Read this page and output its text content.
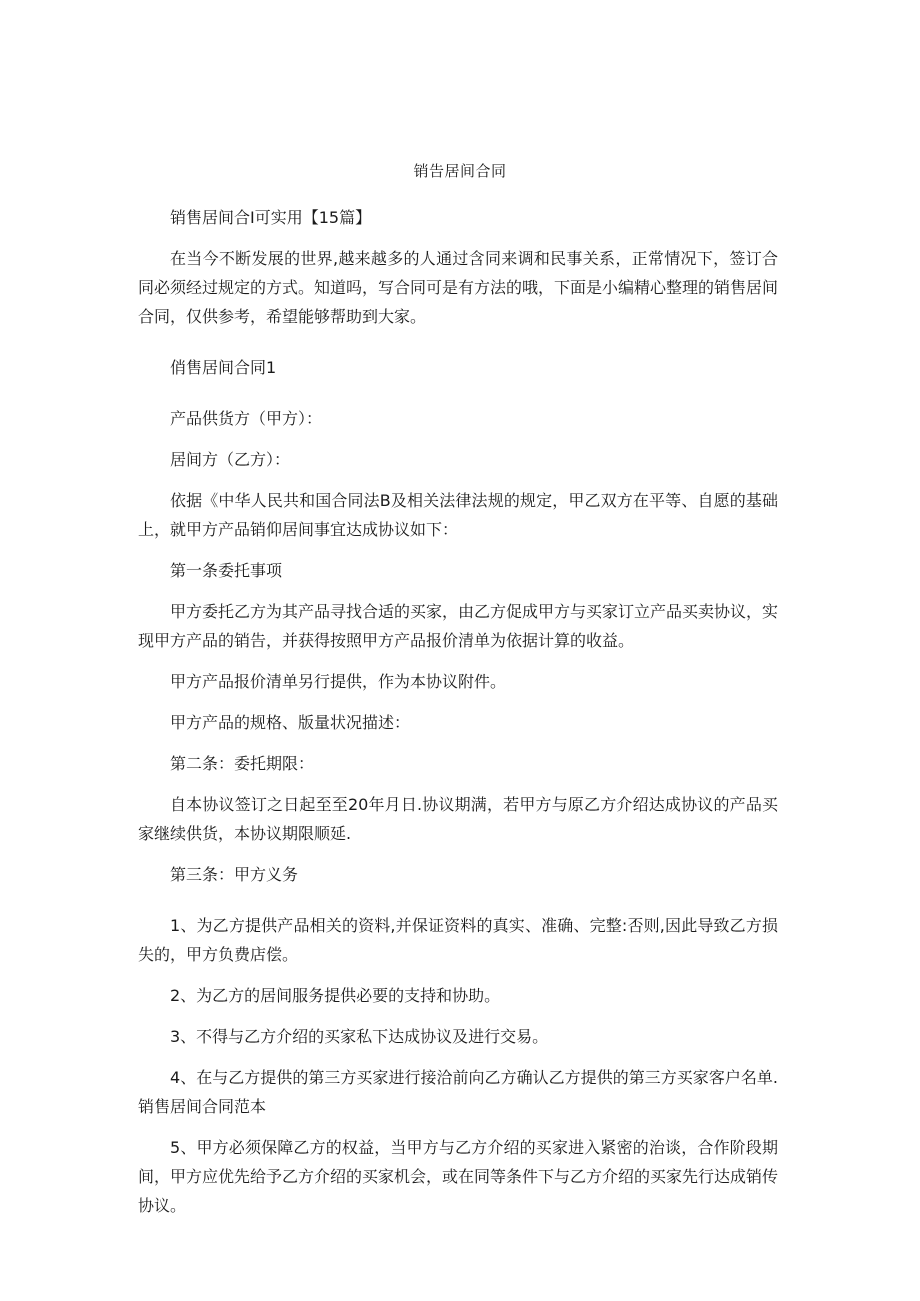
销告居间合同

销售居间合I可实用【15篇】

在当今不断发展的世界,越来越多的人通过含同来调和民事关系，正常情况下，签订合同必须经过规定的方式。知道吗，写合同可是有方法的哦，下面是小编精心整理的销售居间合同，仅供参考，希望能够帮助到大家。

俏售居间合同1

产品供货方（甲方）：

居间方（乙方）：

依据《中华人民共和国合同法B及相关法律法规的规定，甲乙双方在平等、自愿的基础上，就甲方产品销仰居间事宜达成协议如下：

第一条委托事项

甲方委托乙方为其产品寻找合适的买家，由乙方促成甲方与买家订立产品买卖协议，实现甲方产品的销告，并获得按照甲方产品报价清单为依据计算的收益。

甲方产品报价清单另行提供，作为本协议附件。

甲方产品的规格、版量状况描述：

第二条：委托期限：

自本协议签订之日起至至20年月日.协议期满，若甲方与原乙方介绍达成协议的产品买家继续供货，本协议期限顺延.

第三条：甲方义务

1、为乙方提供产品相关的资料,并保证资料的真实、准确、完整:否则,因此导致乙方损失的，甲方负费店偿。

2、为乙方的居间服务提供必要的支持和协助。

3、不得与乙方介绍的买家私下达成协议及进行交易。

4、在与乙方提供的第三方买家进行接洽前向乙方确认乙方提供的第三方买家客户名单.销售居间合同范本

5、甲方必须保障乙方的权益，当甲方与乙方介绍的买家进入紧密的治谈，合作阶段期间，甲方应优先给予乙方介绍的买家机会，或在同等条件下与乙方介绍的买家先行达成销传协议。
